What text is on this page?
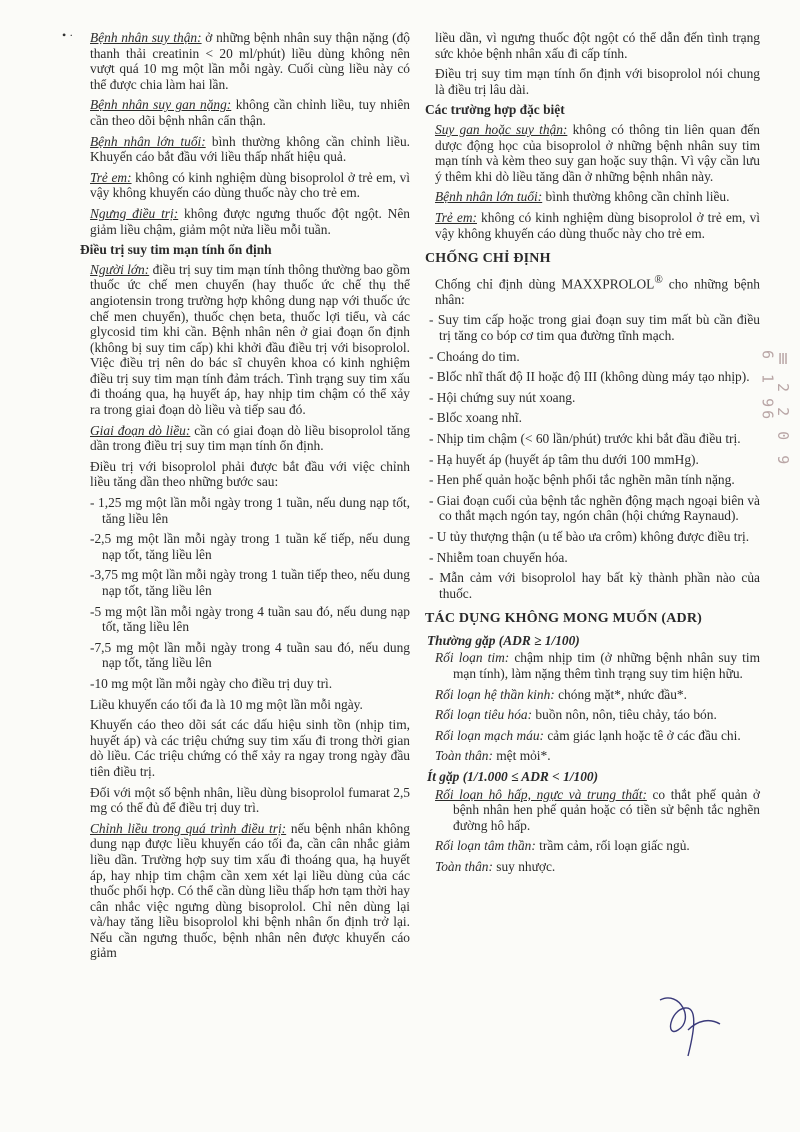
• ·
Ⅲ 2 2 0 9 6 1 96

Bệnh nhân suy thận: ở những bệnh nhân suy thận nặng (độ thanh thải creatinin < 20 ml/phút) liều dùng không nên vượt quá 10 mg một lần mỗi ngày. Cuối cùng liều này có thể được chia làm hai lần.

Bệnh nhân suy gan nặng: không cần chỉnh liều, tuy nhiên cần theo dõi bệnh nhân cẩn thận.

Bệnh nhân lớn tuổi: bình thường không cần chỉnh liều. Khuyến cáo bắt đầu với liều thấp nhất hiệu quả.

Trẻ em: không có kinh nghiệm dùng bisoprolol ở trẻ em, vì vậy không khuyến cáo dùng thuốc này cho trẻ em.

Ngưng điều trị: không được ngưng thuốc đột ngột. Nên giảm liều chậm, giảm một nửa liều mỗi tuần.

Điều trị suy tim mạn tính ổn định

Người lớn: điều trị suy tim mạn tính thông thường bao gồm thuốc ức chế men chuyển (hay thuốc ức chế thụ thể angiotensin trong trường hợp không dung nạp với thuốc ức chế men chuyển), thuốc chẹn beta, thuốc lợi tiểu, và các glycosid tim khi cần. Bệnh nhân nên ở giai đoạn ổn định (không bị suy tim cấp) khi khởi đầu điều trị với bisoprolol. Việc điều trị nên do bác sĩ chuyên khoa có kinh nghiệm điều trị suy tim mạn tính đảm trách. Tình trạng suy tim xấu đi thoáng qua, hạ huyết áp, hay nhịp tim chậm có thể xảy ra trong giai đoạn dò liều và tiếp sau đó.

Giai đoạn dò liều: cần có giai đoạn dò liều bisoprolol tăng dần trong điều trị suy tim mạn tính ổn định.

Điều trị với bisoprolol phải được bắt đầu với việc chỉnh liều tăng dần theo những bước sau:

- 1,25 mg một lần mỗi ngày trong 1 tuần, nếu dung nạp tốt, tăng liều lên

-2,5 mg một lần mỗi ngày trong 1 tuần kế tiếp, nếu dung nạp tốt, tăng liều lên

-3,75 mg một lần mỗi ngày trong 1 tuần tiếp theo, nếu dung nạp tốt, tăng liều lên

-5 mg một lần mỗi ngày trong 4 tuần sau đó, nếu dung nạp tốt, tăng liều lên

-7,5 mg một lần mỗi ngày trong 4 tuần sau đó, nếu dung nạp tốt, tăng liều lên

-10 mg một lần mỗi ngày cho điều trị duy trì.

Liều khuyến cáo tối đa là 10 mg một lần mỗi ngày.

Khuyến cáo theo dõi sát các dấu hiệu sinh tồn (nhịp tim, huyết áp) và các triệu chứng suy tim xấu đi trong thời gian dò liều. Các triệu chứng có thể xảy ra ngay trong ngày đầu tiên điều trị.

Đối với một số bệnh nhân, liều dùng bisoprolol fumarat 2,5 mg có thể đủ để điều trị duy trì.

Chỉnh liều trong quá trình điều trị: nếu bệnh nhân không dung nạp được liều khuyến cáo tối đa, cần cân nhắc giảm liều dần. Trường hợp suy tim xấu đi thoáng qua, hạ huyết áp, hay nhịp tim chậm cần xem xét lại liều dùng của các thuốc phối hợp. Có thể cần dùng liều thấp hơn tạm thời hay cân nhắc việc ngưng dùng bisoprolol. Chỉ nên dùng lại và/hay tăng liều bisoprolol khi bệnh nhân ổn định trở lại. Nếu cần ngưng thuốc, bệnh nhân nên được khuyến cáo giảm

liều dần, vì ngưng thuốc đột ngột có thể dẫn đến tình trạng sức khỏe bệnh nhân xấu đi cấp tính.

Điều trị suy tim mạn tính ổn định với bisoprolol nói chung là điều trị lâu dài.

Các trường hợp đặc biệt

Suy gan hoặc suy thận: không có thông tin liên quan đến dược động học của bisoprolol ở những bệnh nhân suy tim mạn tính và kèm theo suy gan hoặc suy thận. Vì vậy cần lưu ý thêm khi dò liều tăng dần ở những bệnh nhân này.

Bệnh nhân lớn tuổi: bình thường không cần chỉnh liều.

Trẻ em: không có kinh nghiệm dùng bisoprolol ở trẻ em, vì vậy không khuyến cáo dùng thuốc này cho trẻ em.

CHỐNG CHỈ ĐỊNH

Chống chỉ định dùng MAXXPROLOL® cho những bệnh nhân:

- Suy tim cấp hoặc trong giai đoạn suy tim mất bù cần điều trị tăng co bóp cơ tim qua đường tĩnh mạch.

- Choáng do tim.

- Blốc nhĩ thất độ II hoặc độ III (không dùng máy tạo nhịp).

- Hội chứng suy nút xoang.

- Blốc xoang nhĩ.

- Nhịp tim chậm (< 60 lần/phút) trước khi bắt đầu điều trị.

- Hạ huyết áp (huyết áp tâm thu dưới 100 mmHg).

- Hen phế quản hoặc bệnh phổi tắc nghẽn mãn tính nặng.

- Giai đoạn cuối của bệnh tắc nghẽn động mạch ngoại biên và co thắt mạch ngón tay, ngón chân (hội chứng Raynaud).

- U tủy thượng thận (u tế bào ưa crôm) không được điều trị.

- Nhiễm toan chuyển hóa.

- Mẫn cảm với bisoprolol hay bất kỳ thành phần nào của thuốc.

TÁC DỤNG KHÔNG MONG MUỐN (ADR)
Thường gặp (ADR ≥ 1/100)

Rối loạn tim: chậm nhịp tim (ở những bệnh nhân suy tim mạn tính), làm nặng thêm tình trạng suy tim hiện hữu.

Rối loạn hệ thần kinh: chóng mặt*, nhức đầu*.

Rối loạn tiêu hóa: buồn nôn, nôn, tiêu chảy, táo bón.

Rối loạn mạch máu: cảm giác lạnh hoặc tê ở các đầu chi.

Toàn thân: mệt mỏi*.

Ít gặp (1/1.000 ≤ ADR < 1/100)

Rối loạn hô hấp, ngực và trung thất: co thắt phế quản ở bệnh nhân hen phế quản hoặc có tiền sử bệnh tắc nghẽn đường hô hấp.

Rối loạn tâm thần: trầm cảm, rối loạn giấc ngủ.

Toàn thân: suy nhược.
